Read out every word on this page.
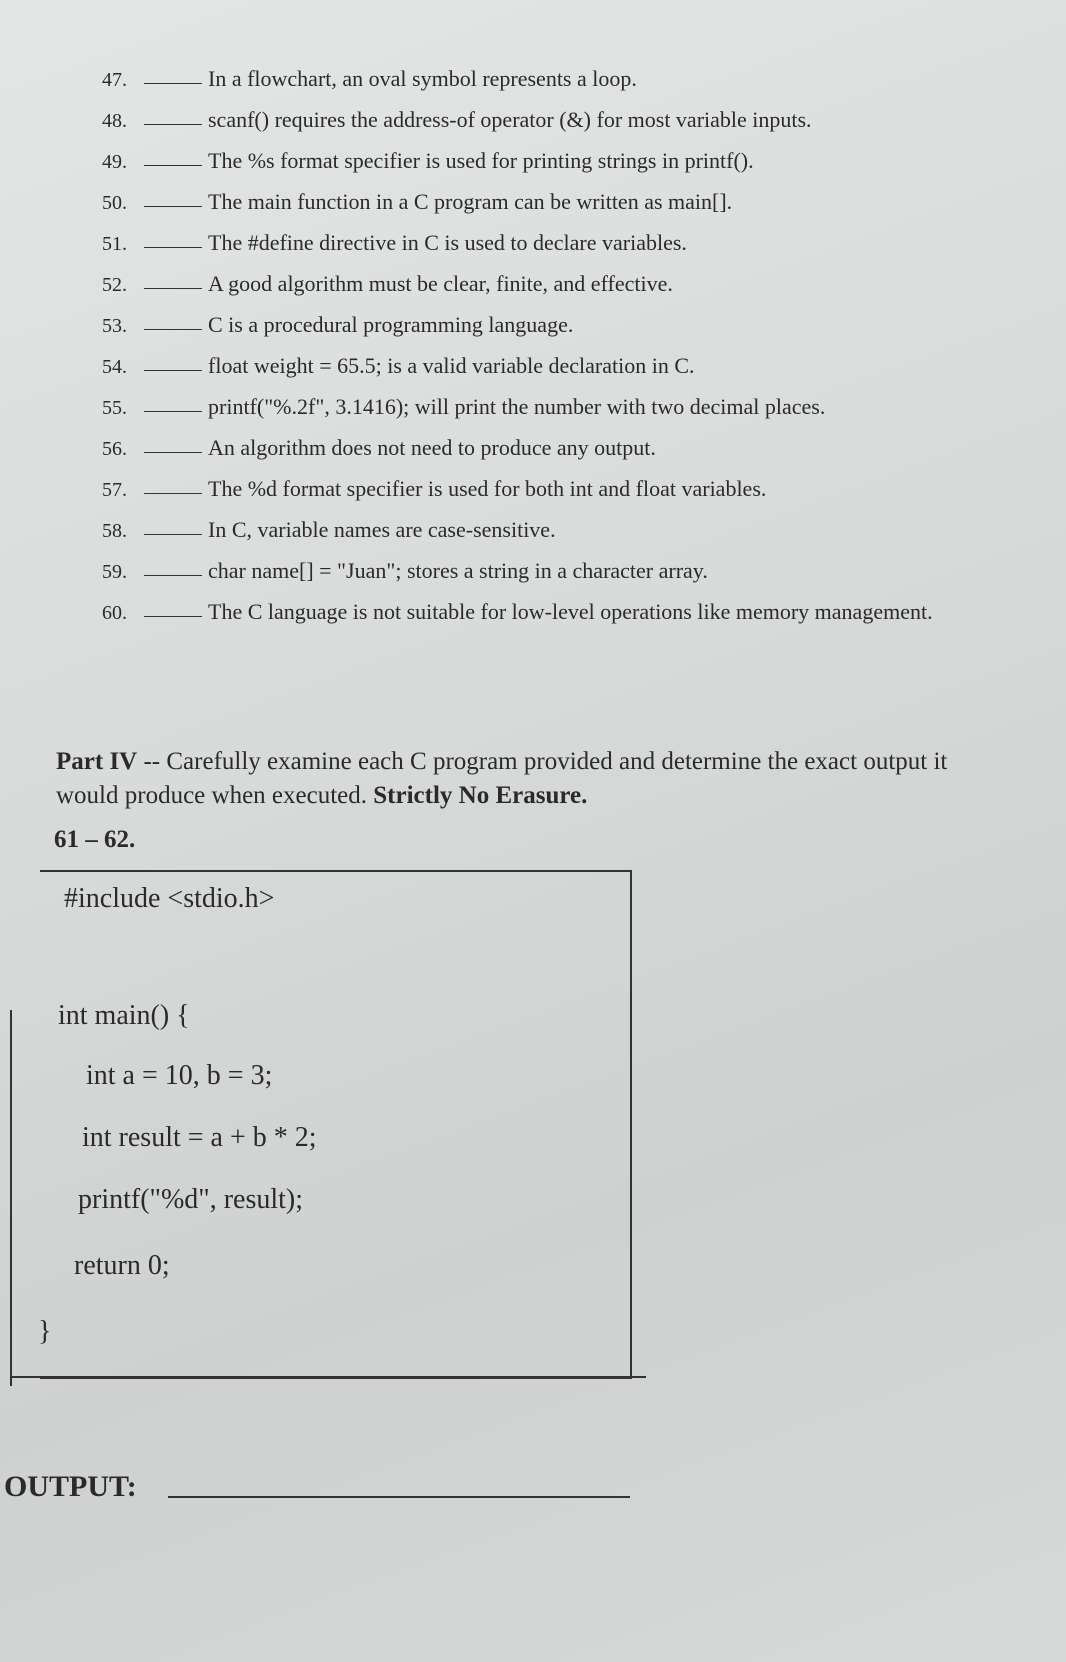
47.	In a flowchart, an oval symbol represents a loop.
48.	scanf() requires the address-of operator (&) for most variable inputs.
49.	The %s format specifier is used for printing strings in printf().
50.	The main function in a C program can be written as main[].
51.	The #define directive in C is used to declare variables.
52.	A good algorithm must be clear, finite, and effective.
53.	C is a procedural programming language.
54.	float weight = 65.5; is a valid variable declaration in C.
55.	printf("%.2f", 3.1416); will print the number with two decimal places.
56.	An algorithm does not need to produce any output.
57.	The %d format specifier is used for both int and float variables.
58.	In C, variable names are case-sensitive.
59.	char name[] = "Juan"; stores a string in a character array.
60.	The C language is not suitable for low-level operations like memory management.
Part IV -- Carefully examine each C program provided and determine the exact output it would produce when executed. Strictly No Erasure.
61 – 62.
#include <stdio.h>
int main() {
int a = 10, b = 3;
int result = a + b * 2;
printf("%d", result);
return 0;
}
OUTPUT:
